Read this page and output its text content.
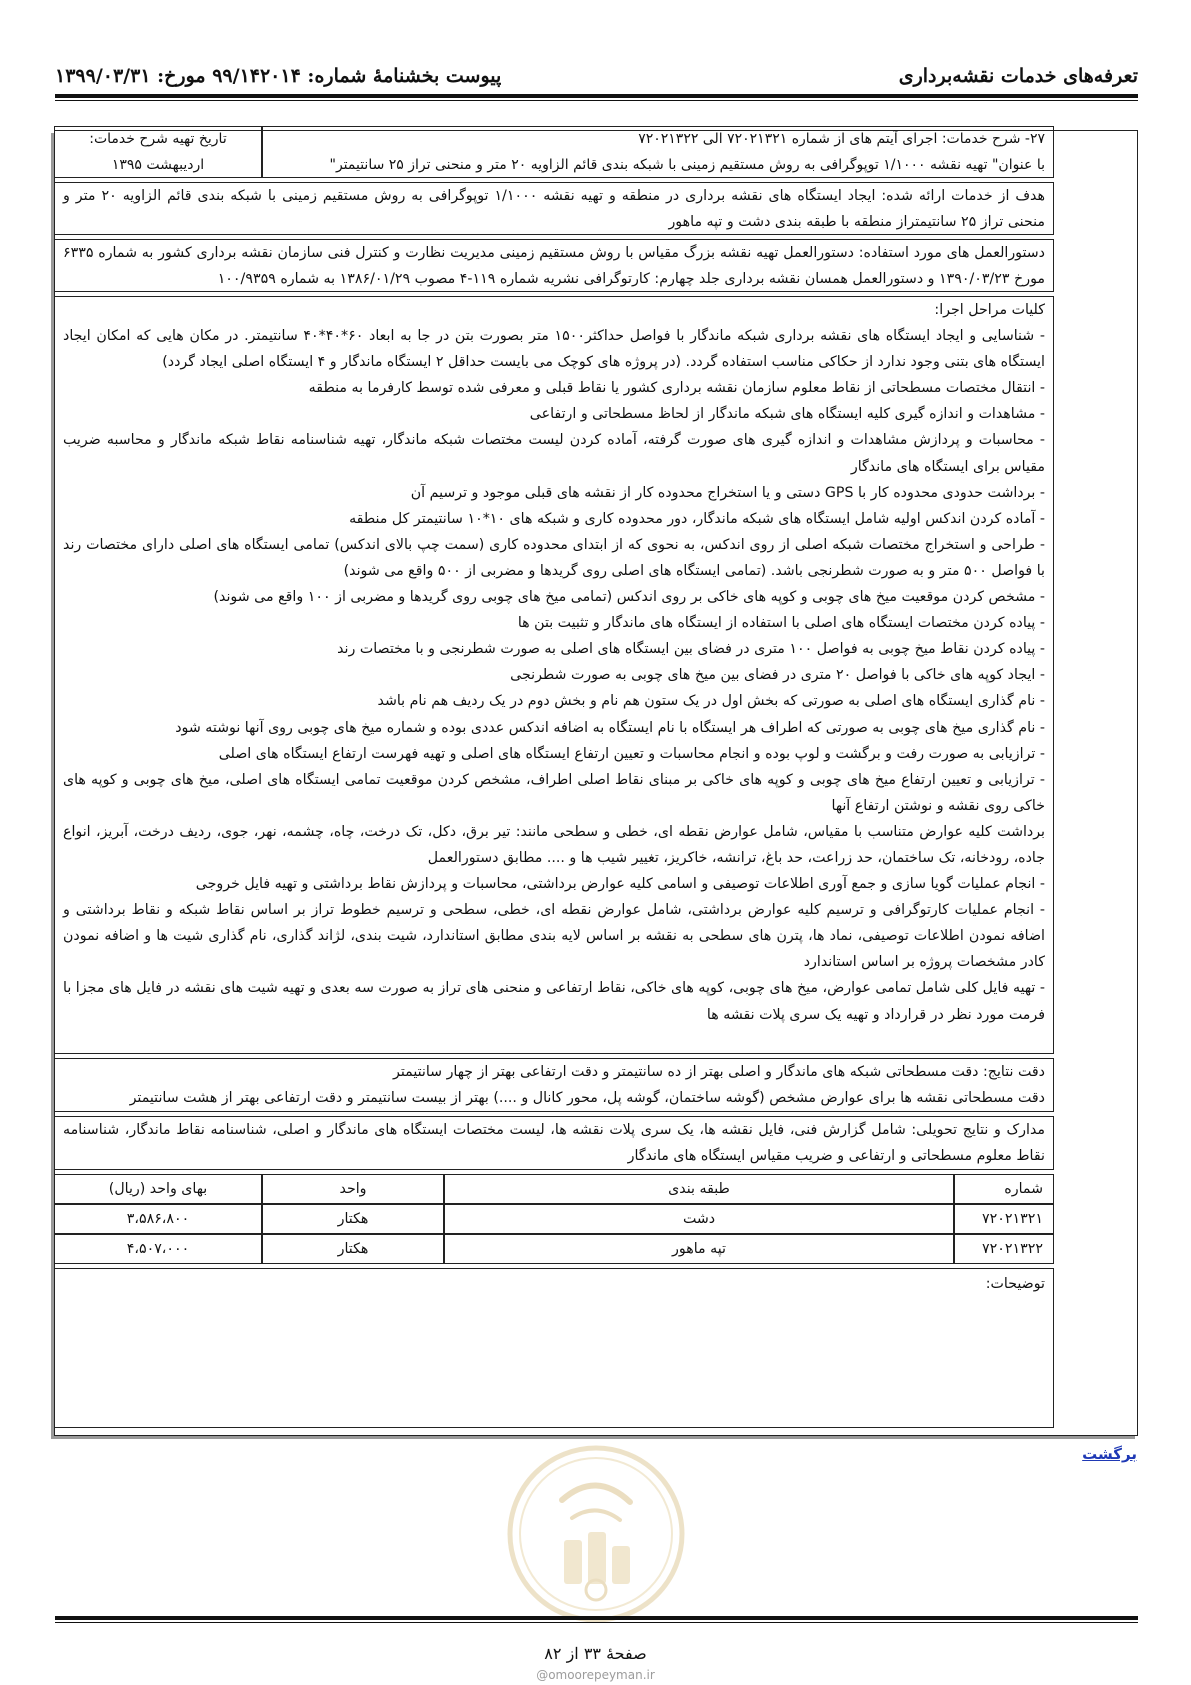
تعرفه‌های خدمات نقشه‌برداری
پیوست بخشنامهٔ شماره: ۹۹/۱۴۲۰۱۴ مورخ: ۱۳۹۹/۰۳/۳۱

۲۷- شرح خدمات: اجرای آیتم های از شماره ۷۲۰۲۱۳۲۱ الی ۷۲۰۲۱۳۲۲

با عنوان" تهیه نقشه ۱/۱۰۰۰ توپوگرافی به روش مستقیم زمینی با شبکه بندی قائم الزاویه ۲۰ متر و منحنی تراز ۲۵ سانتیمتر"

تاریخ تهیه شرح خدمات:

اردیبهشت ۱۳۹۵

هدف از خدمات ارائه شده: ایجاد ایستگاه های نقشه برداری در منطقه و تهیه نقشه ۱/۱۰۰۰ توپوگرافی به روش مستقیم زمینی با شبکه بندی قائم الزاویه ۲۰ متر و منحنی تراز ۲۵ سانتیمتراز منطقه با طبقه بندی دشت و تپه ماهور

دستورالعمل های مورد استفاده: دستورالعمل تهیه نقشه بزرگ مقیاس با روش مستقیم زمینی مدیریت نظارت و کنترل فنی سازمان نقشه برداری کشور به شماره ۶۳۳۵ مورخ ۱۳۹۰/۰۳/۲۳ و دستورالعمل همسان نقشه برداری جلد چهارم: کارتوگرافی نشریه شماره ۱۱۹-۴ مصوب ۱۳۸۶/۰۱/۲۹ به شماره ۱۰۰/۹۳۵۹

کلیات مراحل اجرا:

- شناسایی و ایجاد ایستگاه های نقشه برداری شبکه ماندگار با فواصل حداکثر۱۵۰۰ متر بصورت بتن در جا به ابعاد ۶۰*۴۰*۴۰ سانتیمتر. در مکان هایی که امکان ایجاد ایستگاه های بتنی وجود ندارد از حکاکی مناسب استفاده گردد. (در پروژه های کوچک می بایست حداقل ۲ ایستگاه ماندگار و ۴ ایستگاه اصلی ایجاد گردد)

- انتقال مختصات مسطحاتی از نقاط معلوم سازمان نقشه برداری کشور یا نقاط قبلی و معرفی شده توسط کارفرما به منطقه

- مشاهدات و اندازه گیری کلیه ایستگاه های شبکه ماندگار از لحاظ مسطحاتی و ارتفاعی

- محاسبات و پردازش مشاهدات و اندازه گیری های صورت گرفته، آماده کردن لیست مختصات شبکه ماندگار، تهیه شناسنامه نقاط شبکه ماندگار و محاسبه ضریب مقیاس برای ایستگاه های ماندگار

- برداشت حدودی محدوده کار با GPS دستی و یا استخراج محدوده کار از نقشه های قبلی موجود و ترسیم آن

- آماده کردن اندکس اولیه شامل ایستگاه های شبکه ماندگار، دور محدوده کاری و شبکه های ۱۰*۱۰ سانتیمتر کل منطقه

- طراحی و استخراج مختصات شبکه اصلی از روی اندکس، به نحوی که از ابتدای محدوده کاری (سمت چپ بالای اندکس) تمامی ایستگاه های اصلی دارای مختصات رند با فواصل ۵۰۰ متر و به صورت شطرنجی باشد. (تمامی ایستگاه های اصلی روی گریدها و مضربی از ۵۰۰ واقع می شوند)

- مشخص کردن موقعیت میخ های چوبی و کوپه های خاکی بر روی اندکس (تمامی میخ های چوبی روی گریدها و مضربی از ۱۰۰ واقع می شوند)

- پیاده کردن مختصات ایستگاه های اصلی با استفاده از ایستگاه های ماندگار و تثبیت بتن ها

- پیاده کردن نقاط میخ چوبی به فواصل ۱۰۰ متری در فضای بین ایستگاه های اصلی به صورت شطرنجی و با مختصات رند

- ایجاد کوپه های خاکی با فواصل ۲۰ متری در فضای بین میخ های چوبی به صورت شطرنجی

- نام گذاری ایستگاه های اصلی به صورتی که بخش اول در یک ستون هم نام و بخش دوم در یک ردیف هم نام باشد

- نام گذاری میخ های چوبی به صورتی که اطراف هر ایستگاه با نام ایستگاه به اضافه اندکس عددی بوده و شماره میخ های چوبی روی آنها نوشته شود

- ترازیابی به صورت رفت و برگشت و لوپ بوده و انجام محاسبات و تعیین ارتفاع ایستگاه های اصلی و تهیه فهرست ارتفاع ایستگاه های اصلی

- ترازیابی و تعیین ارتفاع میخ های چوبی و کوپه های خاکی بر مبنای نقاط اصلی اطراف، مشخص کردن موقعیت تمامی ایستگاه های اصلی، میخ های چوبی و کوپه های خاکی روی نقشه و نوشتن ارتفاع آنها

برداشت کلیه عوارض متناسب با مقیاس، شامل عوارض نقطه ای، خطی و سطحی مانند: تیر برق، دکل، تک درخت، چاه، چشمه، نهر، جوی، ردیف درخت، آبریز، انواع جاده، رودخانه، تک ساختمان، حد زراعت، حد باغ، ترانشه، خاکریز، تغییر شیب ها و .... مطابق دستورالعمل

- انجام عملیات گویا سازی و جمع آوری اطلاعات توصیفی و اسامی کلیه عوارض برداشتی، محاسبات و پردازش نقاط برداشتی و تهیه فایل خروجی

- انجام عملیات کارتوگرافی و ترسیم کلیه عوارض برداشتی، شامل عوارض نقطه ای، خطی، سطحی و ترسیم خطوط تراز بر اساس نقاط شبکه و نقاط برداشتی و اضافه نمودن اطلاعات توصیفی، نماد ها، پترن های سطحی به نقشه بر اساس لایه بندی مطابق استاندارد، شیت بندی، لژاند گذاری، نام گذاری شیت ها و اضافه نمودن کادر مشخصات پروژه بر اساس استاندارد

- تهیه فایل کلی شامل تمامی عوارض، میخ های چوبی، کوپه های خاکی، نقاط ارتفاعی و منحنی های تراز به صورت سه بعدی و تهیه شیت های نقشه در فایل های مجزا با فرمت مورد نظر در قرارداد و تهیه یک سری پلات نقشه ها

دقت نتایج: دقت مسطحاتی شبکه های ماندگار و اصلی بهتر از ده سانتیمتر و دقت ارتفاعی بهتر از چهار سانتیمتر

دقت مسطحاتی نقشه ها برای عوارض مشخص (گوشه ساختمان، گوشه پل، محور کانال و ....) بهتر از بیست سانتیمتر و دقت ارتفاعی بهتر از هشت سانتیمتر

مدارک و نتایج تحویلی: شامل گزارش فنی، فایل نقشه ها، یک سری پلات نقشه ها، لیست مختصات ایستگاه های ماندگار و اصلی، شناسنامه نقاط ماندگار، شناسنامه نقاط معلوم مسطحاتی و ارتفاعی و ضریب مقیاس ایستگاه های ماندگار

شماره
طبقه بندی
واحد
بهای واحد (ریال)
۷۲۰۲۱۳۲۱
دشت
هکتار
۳،۵۸۶،۸۰۰
۷۲۰۲۱۳۲۲
تپه ماهور
هکتار
۴،۵۰۷،۰۰۰

توضیحات:

برگشت
صفحهٔ ۳۳ از ۸۲
@omoorepeyman.ir
